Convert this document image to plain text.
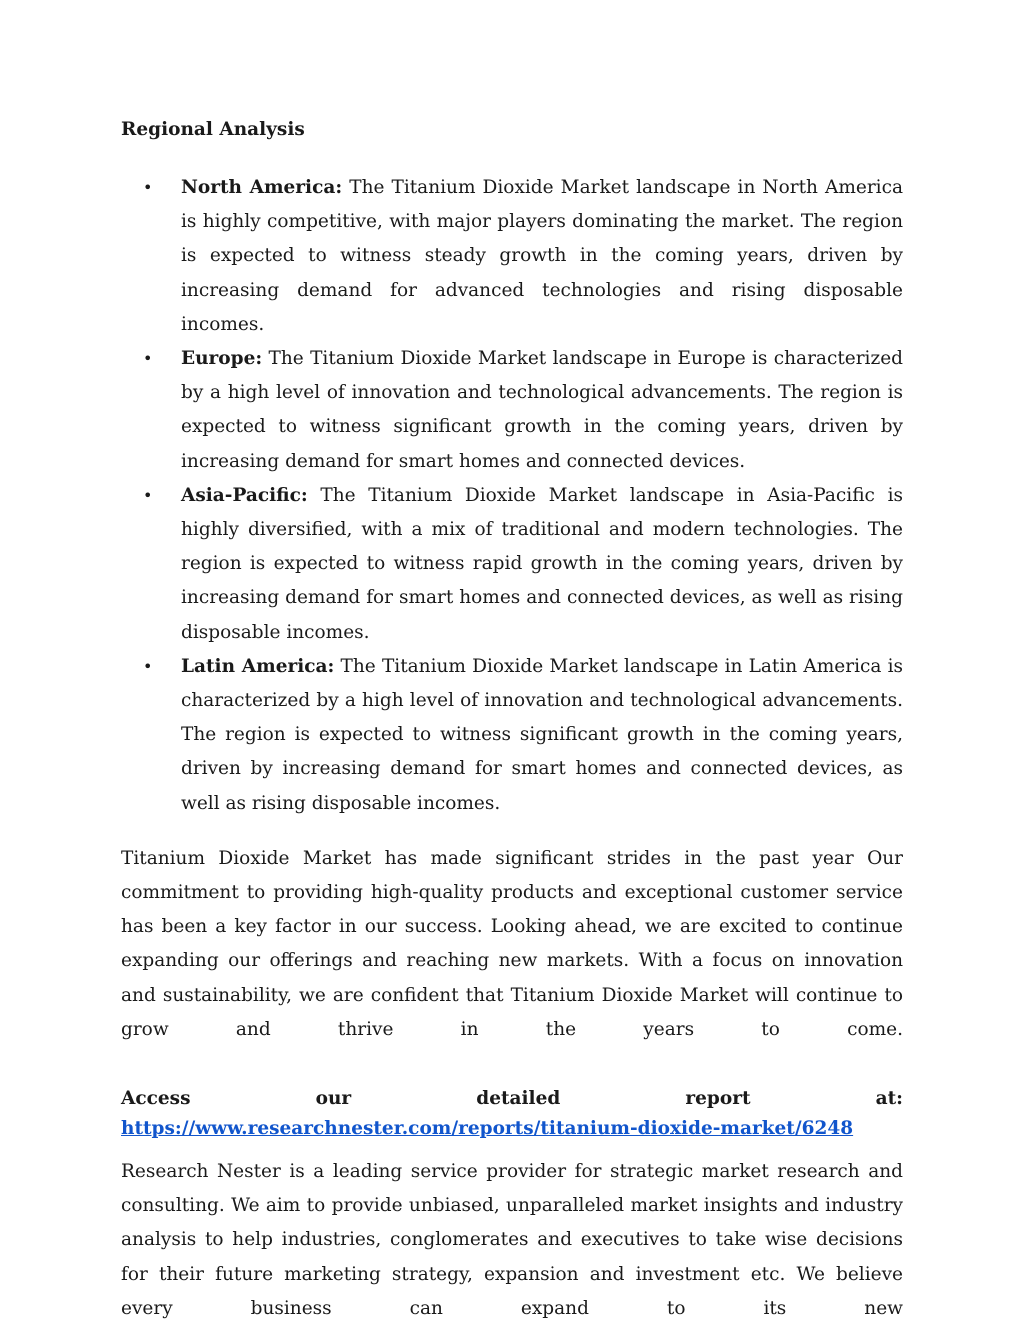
Regional Analysis
• North America: The Titanium Dioxide Market landscape in North America is highly competitive, with major players dominating the market. The region is expected to witness steady growth in the coming years, driven by increasing demand for advanced technologies and rising disposable incomes.
• Europe: The Titanium Dioxide Market landscape in Europe is characterized by a high level of innovation and technological advancements. The region is expected to witness significant growth in the coming years, driven by increasing demand for smart homes and connected devices.
• Asia-Pacific: The Titanium Dioxide Market landscape in Asia-Pacific is highly diversified, with a mix of traditional and modern technologies. The region is expected to witness rapid growth in the coming years, driven by increasing demand for smart homes and connected devices, as well as rising disposable incomes.
• Latin America: The Titanium Dioxide Market landscape in Latin America is characterized by a high level of innovation and technological advancements. The region is expected to witness significant growth in the coming years, driven by increasing demand for smart homes and connected devices, as well as rising disposable incomes.

Titanium Dioxide Market has made significant strides in the past year Our commitment to providing high-quality products and exceptional customer service has been a key factor in our success. Looking ahead, we are excited to continue expanding our offerings and reaching new markets. With a focus on innovation and sustainability, we are confident that Titanium Dioxide Market will continue to grow and thrive in the years to come.

Access	our	detailed	report	at:
https://www.researchnester.com/reports/titanium-dioxide-market/6248

Research Nester is a leading service provider for strategic market research and consulting. We aim to provide unbiased, unparalleled market insights and industry analysis to help industries, conglomerates and executives to take wise decisions for their future marketing strategy, expansion and investment etc. We believe every business can expand to its new
